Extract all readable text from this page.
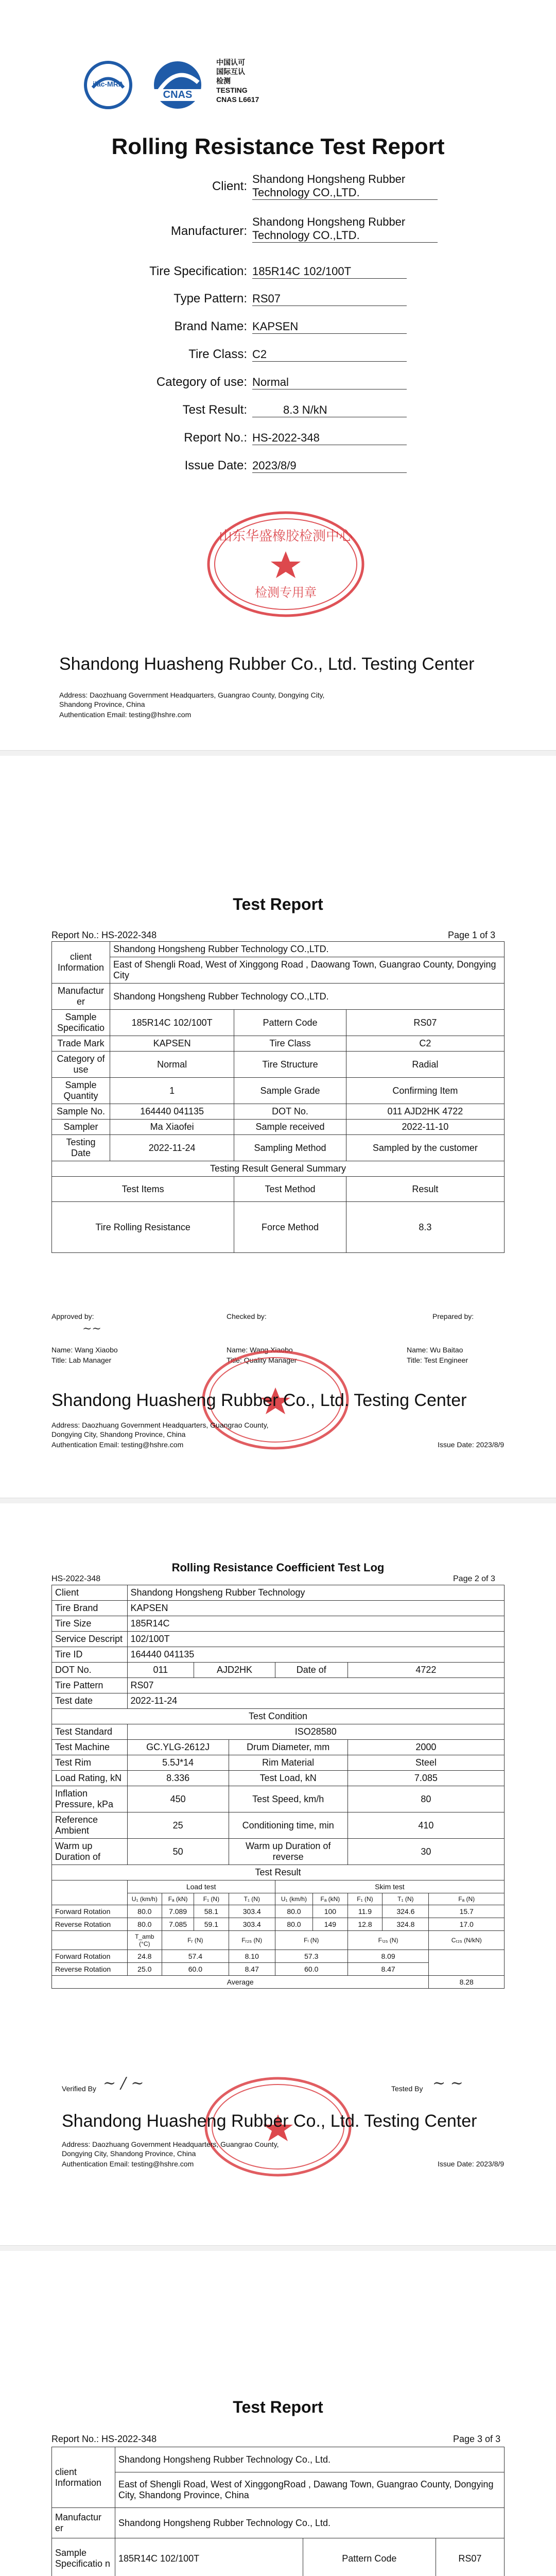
ilac-MRA
CNAS
中国认可
国际互认
检测
TESTING
CNAS L6617
Rolling Resistance Test Report
Client:
Shandong Hongsheng Rubber Technology CO.,LTD.
Manufacturer:
Shandong Hongsheng Rubber Technology CO.,LTD.
Tire Specification: 185R14C 102/100T
Type Pattern: RS07
Brand Name: KAPSEN
Tire Class: C2
Category of use: Normal
Test Result:	8.3 N/kN
Report No.: HS-2022-348
Issue Date: 2023/8/9
山东华盛橡胶检测中心
检测专用章
Shandong Huasheng Rubber Co., Ltd. Testing Center
Address: Daozhuang Government Headquarters, Guangrao County, Dongying City, Shandong Province, China
Authentication Email: testing@hshre.com
Test Report
Report No.: HS-2022-348	Page 1 of 3
client Information	Shandong Hongsheng Rubber Technology CO.,LTD.		
	East of Shengli Road, West of Xinggong Road , Daowang Town, Guangrao County, Dongying City		
Manufactur er	Shandong Hongsheng Rubber Technology CO.,LTD.		
Sample Specificatio	185R14C 102/100T	Pattern Code	RS07
Trade Mark	KAPSEN	Tire Class	C2
Category of use	Normal	Tire Structure	Radial
Sample Quantity	1	Sample Grade	Confirming Item
Sample No.	164440 041135	DOT No.	011 AJD2HK 4722
Sampler	Ma Xiaofei	Sample received	2022-11-10
Testing Date	2022-11-24	Sampling Method	Sampled by the customer
Testing Result General Summary			
Test Items		Test Method	Result
Tire Rolling Resistance		Force Method	8.3
Approved by:
~~
Name: Wang Xiaobo
Title: Lab Manager
Checked by:
Name: Wang Xiaobo
Title: Quality Manager
Prepared by:
Name: Wu Baitao
Title: Test Engineer
Shandong Huasheng Rubber Co., Ltd. Testing Center
Address: Daozhuang Government Headquarters, Guangrao County, Dongying City, Shandong Province, China
Authentication Email: testing@hshre.com	Issue Date: 2023/8/9
Rolling Resistance Coefficient Test Log
HS-2022-348	Page 2 of 3
Client	Shandong Hongsheng Rubber Technology								
Tire Brand	KAPSEN								
Tire Size	185R14C								
Service Descript	102/100T								
Tire ID	164440 041135								
DOT No.	011		AJD2HK		Date of		4722		
Tire Pattern	RS07								
Test date	2022-11-24								
Test Condition									
Test Standard	ISO28580								
Test Machine	GC.YLG-2612J			Drum Diameter, mm			2000		
Test Rim	5.5J*14			Rim Material			Steel		
Load Rating, kN	8.336			Test Load, kN			7.085		
Inflation Pressure, kPa	450			Test Speed, km/h			80		
Reference Ambient	25			Conditioning time, min			410		
Warm up Duration of	50			Warm up Duration of reverse			30		
Test Result									
	Load test				Skim test				
	U₁ (km/h)	Fₐ (kN)	F₁ (N)	T₁ (N)	U₁ (km/h)	Fₐ (kN)	F₁ (N)	T₁ (N)	Fₐ (N)
Forward Rotation	80.0	7.089	58.1	303.4	80.0	100	11.9	324.6	15.7
Reverse Rotation	80.0	7.085	59.1	303.4	80.0	149	12.8	324.8	17.0
	T_amb (°C)	Fᵣ (N)		Fᵣ₂₅ (N)	Fₗ (N)		Fₗ₂₅ (N)		Cᵣ₂₅ (N/kN)
Forward Rotation	24.8	57.4		8.10	57.3		8.09		
Reverse Rotation	25.0	60.0		8.47	60.0		8.47		
Average									8.28
Verified By ~ / ~	Tested By ~ ~
Shandong Huasheng Rubber Co., Ltd. Testing Center
Address: Daozhuang Government Headquarters, Guangrao County, Dongying City, Shandong Province, China
Authentication Email: testing@hshre.com	Issue Date: 2023/8/9
Test Report
Report No.: HS-2022-348	Page 3 of 3
client Information	Shandong Hongsheng Rubber Technology Co., Ltd.		
	East of Shengli Road, West of XinggongRoad , Dawang Town, Guangrao County, Dongying City, Shandong Province, China		
Manufactur er	Shandong Hongsheng Rubber Technology Co., Ltd.		
Sample Specificatio n	185R14C 102/100T	Pattern Code	RS07
